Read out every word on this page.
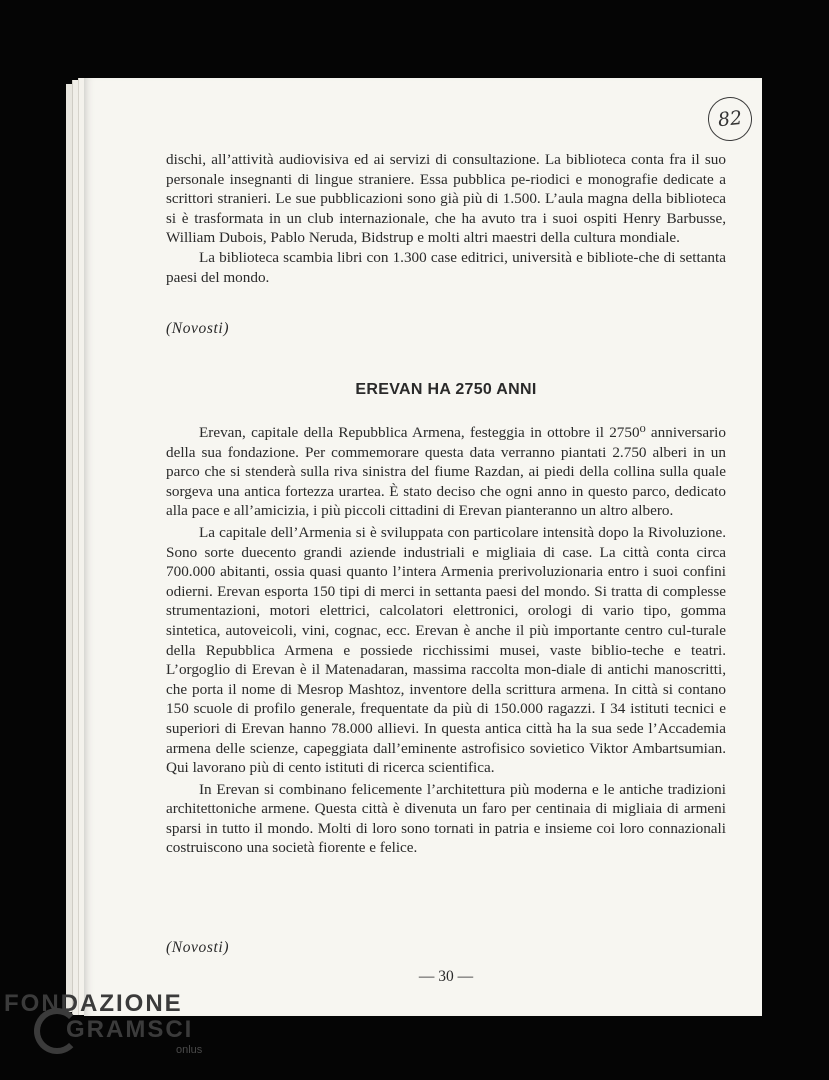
82

dischi, all’attività audiovisiva ed ai servizi di consultazione. La biblioteca conta fra il suo personale insegnanti di lingue straniere. Essa pubblica pe-riodici e monografie dedicate a scrittori stranieri. Le sue pubblicazioni sono già più di 1.500. L’aula magna della biblioteca si è trasformata in un club internazionale, che ha avuto tra i suoi ospiti Henry Barbusse, William Dubois, Pablo Neruda, Bidstrup e molti altri maestri della cultura mondiale.

La biblioteca scambia libri con 1.300 case editrici, università e bibliote-che di settanta paesi del mondo.

(Novosti)
EREVAN HA 2750 ANNI

Erevan, capitale della Repubblica Armena, festeggia in ottobre il 2750⁰ anniversario della sua fondazione. Per commemorare questa data verranno piantati 2.750 alberi in un parco che si stenderà sulla riva sinistra del fiume Razdan, ai piedi della collina sulla quale sorgeva una antica fortezza urartea. È stato deciso che ogni anno in questo parco, dedicato alla pace e all’amicizia, i più piccoli cittadini di Erevan pianteranno un altro albero.

La capitale dell’Armenia si è sviluppata con particolare intensità dopo la Rivoluzione. Sono sorte duecento grandi aziende industriali e migliaia di case. La città conta circa 700.000 abitanti, ossia quasi quanto l’intera Armenia prerivoluzionaria entro i suoi confini odierni. Erevan esporta 150 tipi di merci in settanta paesi del mondo. Si tratta di complesse strumentazioni, motori elettrici, calcolatori elettronici, orologi di vario tipo, gomma sintetica, autoveicoli, vini, cognac, ecc. Erevan è anche il più importante centro cul-turale della Repubblica Armena e possiede ricchissimi musei, vaste biblio-teche e teatri. L’orgoglio di Erevan è il Matenadaran, massima raccolta mon-diale di antichi manoscritti, che porta il nome di Mesrop Mashtoz, inventore della scrittura armena. In città si contano 150 scuole di profilo generale, frequentate da più di 150.000 ragazzi. I 34 istituti tecnici e superiori di Erevan hanno 78.000 allievi. In questa antica città ha la sua sede l’Accademia armena delle scienze, capeggiata dall’eminente astrofisico sovietico Viktor Ambartsumian. Qui lavorano più di cento istituti di ricerca scientifica.

In Erevan si combinano felicemente l’architettura più moderna e le antiche tradizioni architettoniche armene. Questa città è divenuta un faro per centinaia di migliaia di armeni sparsi in tutto il mondo. Molti di loro sono tornati in patria e insieme coi loro connazionali costruiscono una società fiorente e felice.

(Novosti)
— 30 —
FONDAZIONE
GRAMSCI
onlus
